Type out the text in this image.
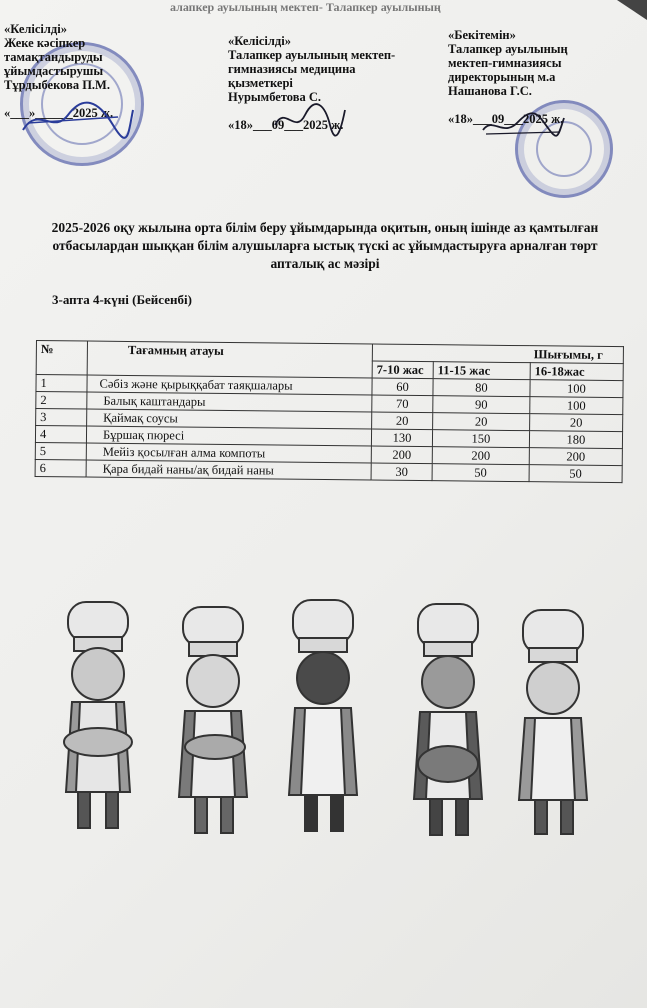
алапкер ауылының мектеп- Талапкер ауылының
«Келісілді»
Жеке кәсіпкер
тамақтандыруды
ұйымдастырушы
Тұрдыбекова П.М.
«___»______2025 ж.
«Келісілді»
Талапкер ауылының мектеп-
гимназиясы медицина
қызметкері
Нурымбетова С.
«18»___09___2025 ж.
«Бекітемін»
Талапкер ауылының
мектеп-гимназиясы
директорының м.а
Нашанова Г.С.
«18»___09___2025 ж.
2025-2026 оқу жылына орта білім беру ұйымдарында оқитын, оның ішінде аз қамтылған отбасылардан шыққан білім алушыларға ыстық түскі ас ұйымдастыруға арналған төрт апталық ас мәзірі
3-апта 4-күні (Бейсенбі)
№	Тағамның атауы	Шығымы, г		
		7-10 жас	11-15 жас	16-18жас
1	Сәбіз және қырыққабат таяқшалары	60	80	100
2	Балық каштандары	70	90	100
3	Қаймақ соусы	20	20	20
4	Бұршақ пюресі	130	150	180
5	Мейіз қосылған алма компоты	200	200	200
6	Қара бидай наны/ақ бидай наны	30	50	50
